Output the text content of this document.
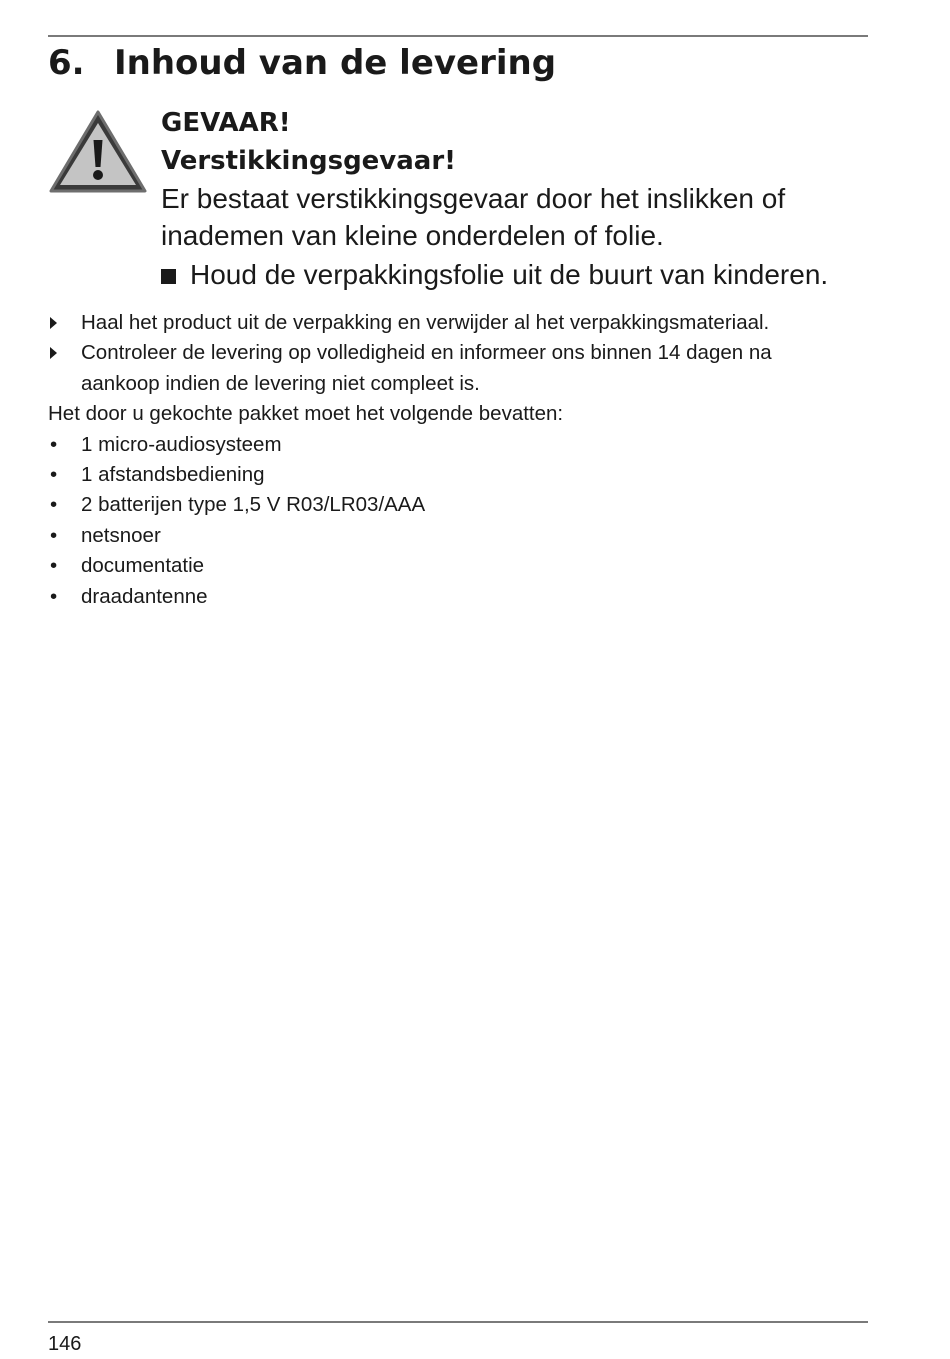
6. Inhoud van de levering

GEVAAR!

Verstikkingsgevaar!

Er bestaat verstikkingsgevaar door het inslikken of inademen van kleine onderdelen of folie.

Houd de verpakkingsfolie uit de buurt van kinderen.

Haal het product uit de verpakking en verwijder al het verpakkingsmateriaal.
Controleer de levering op volledigheid en informeer ons binnen 14 dagen na aankoop indien de levering niet compleet is.

Het door u gekochte pakket moet het volgende bevatten:

• 1 micro-audiosysteem
• 1 afstandsbediening
• 2 batterijen type 1,5 V R03/LR03/AAA
• netsnoer
• documentatie
• draadantenne
146
